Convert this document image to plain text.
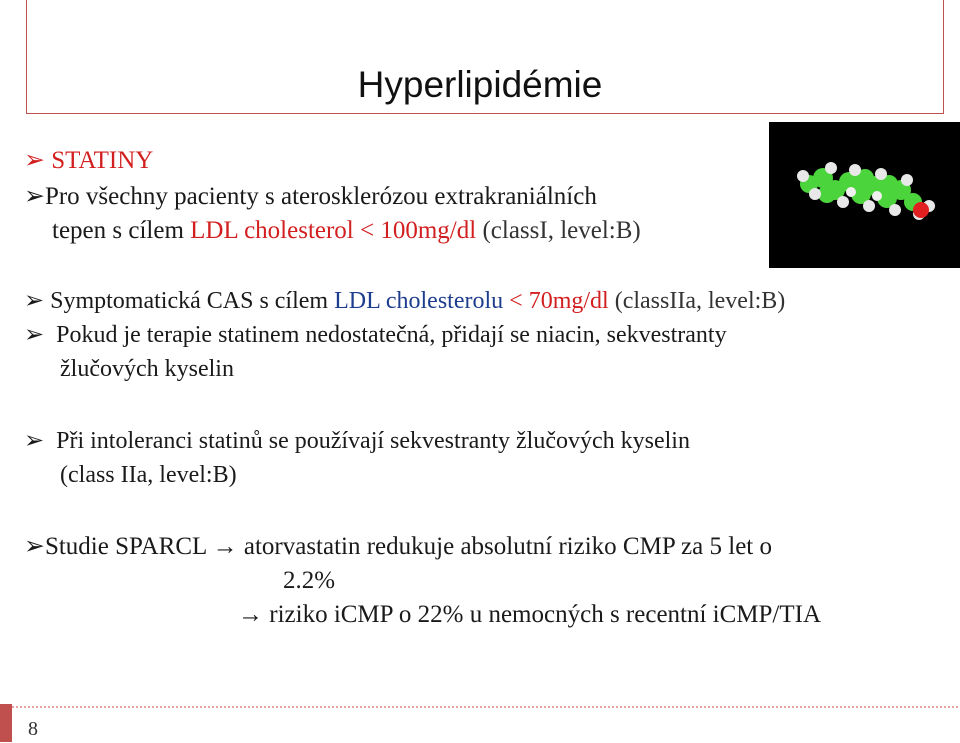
Hyperlipidémie
➢ STATINY
➢Pro všechny pacienty s aterosklerózou extrakraniálních
tepen s cílem LDL cholesterol < 100mg/dl (classI, level:B)
➢ Symptomatická CAS s cílem LDL cholesterolu < 70mg/dl (classIIa, level:B)
➢ Pokud je terapie statinem nedostatečná, přidají se niacin, sekvestranty
žlučových kyselin
➢ Při intoleranci statinů se používají sekvestranty žlučových kyselin
(class IIa, level:B)
➢Studie SPARCL → atorvastatin redukuje absolutní riziko CMP za 5 let o
2.2%
→ riziko iCMP o 22% u nemocných s recentní iCMP/TIA
8
